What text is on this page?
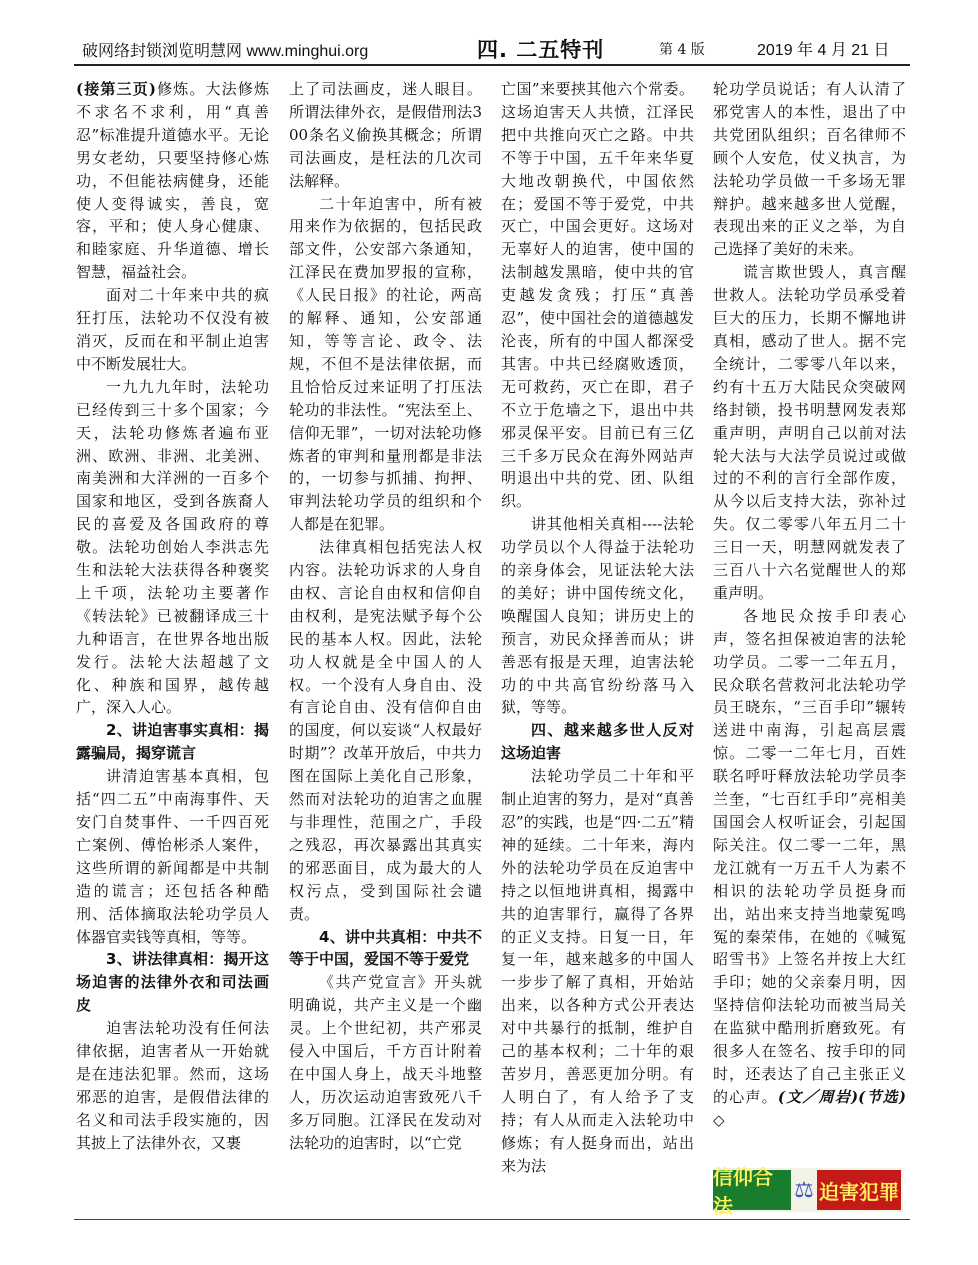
破网络封锁浏览明慧网 www.minghui.org	四. 二五特刊	第 4 版	2019 年 4 月 21 日

(接第三页)修炼。大法修炼不求名不求利，用“真善忍”标准提升道德水平。无论男女老幼，只要坚持修心炼功，不但能祛病健身，还能使人变得诚实，善良，宽容，平和；使人身心健康、和睦家庭、升华道德、增长智慧，福益社会。

面对二十年来中共的疯狂打压，法轮功不仅没有被消灭，反而在和平制止迫害中不断发展壮大。

一九九九年时，法轮功已经传到三十多个国家；今天，法轮功修炼者遍布亚洲、欧洲、非洲、北美洲、南美洲和大洋洲的一百多个国家和地区，受到各族裔人民的喜爱及各国政府的尊敬。法轮功创始人李洪志先生和法轮大法获得各种褒奖上千项，法轮功主要著作《转法轮》已被翻译成三十九种语言，在世界各地出版发行。法轮大法超越了文化、种族和国界，越传越广，深入人心。

2、讲迫害事实真相：揭露骗局，揭穿谎言

讲清迫害基本真相，包括“四二五”中南海事件、天安门自焚事件、一千四百死亡案例、傅怡彬杀人案件，这些所谓的新闻都是中共制造的谎言；还包括各种酷刑、活体摘取法轮功学员人体器官卖钱等真相，等等。

3、讲法律真相：揭开这场迫害的法律外衣和司法画皮

迫害法轮功没有任何法律依据，迫害者从一开始就是在违法犯罪。然而，这场邪恶的迫害，是假借法律的名义和司法手段实施的，因其披上了法律外衣，又裹

上了司法画皮，迷人眼目。所谓法律外衣，是假借刑法300条名义偷换其概念；所谓司法画皮，是枉法的几次司法解释。

二十年迫害中，所有被用来作为依据的，包括民政部文件，公安部六条通知，江泽民在费加罗报的宣称，《人民日报》的社论，两高的解释、通知，公安部通知，等等言论、政令、法规，不但不是法律依据，而且恰恰反过来证明了打压法轮功的非法性。“宪法至上、信仰无罪”，一切对法轮功修炼者的审判和量刑都是非法的，一切参与抓捕、拘押、审判法轮功学员的组织和个人都是在犯罪。

法律真相包括宪法人权内容。法轮功诉求的人身自由权、言论自由权和信仰自由权利，是宪法赋予每个公民的基本人权。因此，法轮功人权就是全中国人的人权。一个没有人身自由、没有言论自由、没有信仰自由的国度，何以妄谈“人权最好时期”？改革开放后，中共力图在国际上美化自己形象，然而对法轮功的迫害之血腥与非理性，范围之广，手段之残忍，再次暴露出其真实的邪恶面目，成为最大的人权污点，受到国际社会谴责。

4、讲中共真相：中共不等于中国，爱国不等于爱党

《共产党宣言》开头就明确说，共产主义是一个幽灵。上个世纪初，共产邪灵侵入中国后，千方百计附着在中国人身上，战天斗地整人，历次运动迫害致死八千多万同胞。江泽民在发动对法轮功的迫害时，以“亡党

亡国”来要挟其他六个常委。这场迫害天人共愤，江泽民把中共推向灭亡之路。中共不等于中国，五千年来华夏大地改朝换代，中国依然在；爱国不等于爱党，中共灭亡，中国会更好。这场对无辜好人的迫害，使中国的法制越发黑暗，使中共的官吏越发贪残；打压“真善忍”，使中国社会的道德越发沦丧，所有的中国人都深受其害。中共已经腐败透顶，无可救药，灭亡在即，君子不立于危墙之下，退出中共邪灵保平安。目前已有三亿三千多万民众在海外网站声明退出中共的党、团、队组织。

讲其他相关真相----法轮功学员以个人得益于法轮功的亲身体会，见证法轮大法的美好；讲中国传统文化，唤醒国人良知；讲历史上的预言，劝民众择善而从；讲善恶有报是天理，迫害法轮功的中共高官纷纷落马入狱，等等。

四、越来越多世人反对这场迫害

法轮功学员二十年和平制止迫害的努力，是对“真善忍”的实践，也是“四·二五”精神的延续。二十年来，海内外的法轮功学员在反迫害中持之以恒地讲真相，揭露中共的迫害罪行，赢得了各界的正义支持。日复一日，年复一年，越来越多的中国人一步步了解了真相，开始站出来，以各种方式公开表达对中共暴行的抵制，维护自己的基本权利；二十年的艰苦岁月，善恶更加分明。有人明白了，有人给予了支持；有人从而走入法轮功中修炼；有人挺身而出，站出来为法

轮功学员说话；有人认清了邪党害人的本性，退出了中共党团队组织；百名律师不顾个人安危，仗义执言，为法轮功学员做一千多场无罪辩护。越来越多世人觉醒，表现出来的正义之举，为自己选择了美好的未来。

谎言欺世毁人，真言醒世救人。法轮功学员承受着巨大的压力，长期不懈地讲真相，感动了世人。据不完全统计，二零零八年以来，约有十五万大陆民众突破网络封锁，投书明慧网发表郑重声明，声明自己以前对法轮大法与大法学员说过或做过的不利的言行全部作废，从今以后支持大法，弥补过失。仅二零零八年五月二十三日一天，明慧网就发表了三百八十六名觉醒世人的郑重声明。

各地民众按手印表心声，签名担保被迫害的法轮功学员。二零一二年五月，民众联名营救河北法轮功学员王晓东，“三百手印”辗转送进中南海，引起高层震惊。二零一二年七月，百姓联名呼吁释放法轮功学员李兰奎，“七百红手印”亮相美国国会人权听证会，引起国际关注。仅二零一二年，黑龙江就有一万五千人为素不相识的法轮功学员挺身而出，站出来支持当地蒙冤鸣冤的秦荣伟，在她的《喊冤昭雪书》上签名并按上大红手印；她的父亲秦月明，因坚持信仰法轮功而被当局关在监狱中酷刑折磨致死。有很多人在签名、按手印的同时，还表达了自己主张正义的心声。(文／周岩)(节选) ◇

信仰合法
⚖ 迫害犯罪
